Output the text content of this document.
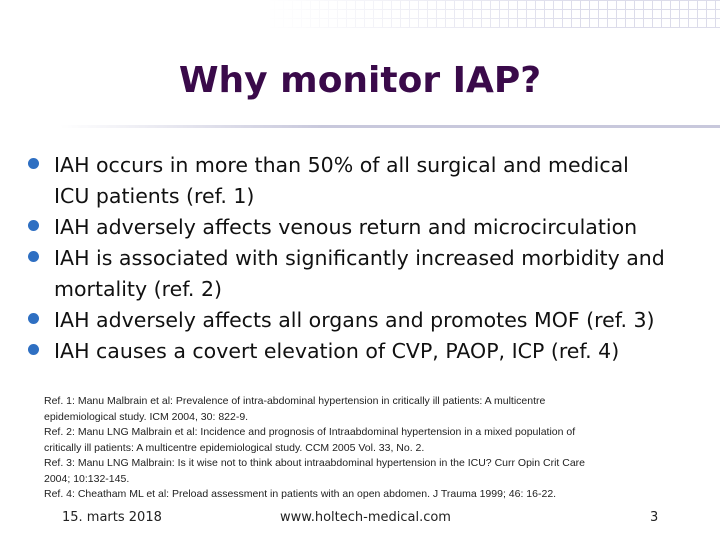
Why monitor IAP?
IAH occurs in more than 50% of all surgical and medical
ICU patients (ref. 1)
IAH adversely affects venous return and microcirculation
IAH is associated with significantly increased morbidity and
mortality (ref. 2)
IAH adversely affects all organs and promotes MOF (ref. 3)
IAH causes a covert elevation of CVP, PAOP, ICP (ref. 4)
Ref. 1: Manu Malbrain et al: Prevalence of intra-abdominal hypertension in critically ill patients: A multicentre
epidemiological study. ICM 2004, 30: 822-9.
Ref. 2: Manu LNG Malbrain et al: Incidence and prognosis of Intraabdominal hypertension in a mixed population of
critically ill patients: A multicentre epidemiological study. CCM 2005 Vol. 33, No. 2.
Ref. 3: Manu LNG Malbrain: Is it wise not to think about intraabdominal hypertension in the ICU? Curr Opin Crit Care
2004; 10:132-145.
Ref. 4: Cheatham ML et al: Preload assessment in patients with an open abdomen. J Trauma 1999; 46: 16-22.
15. marts 2018	www.holtech-medical.com	3
